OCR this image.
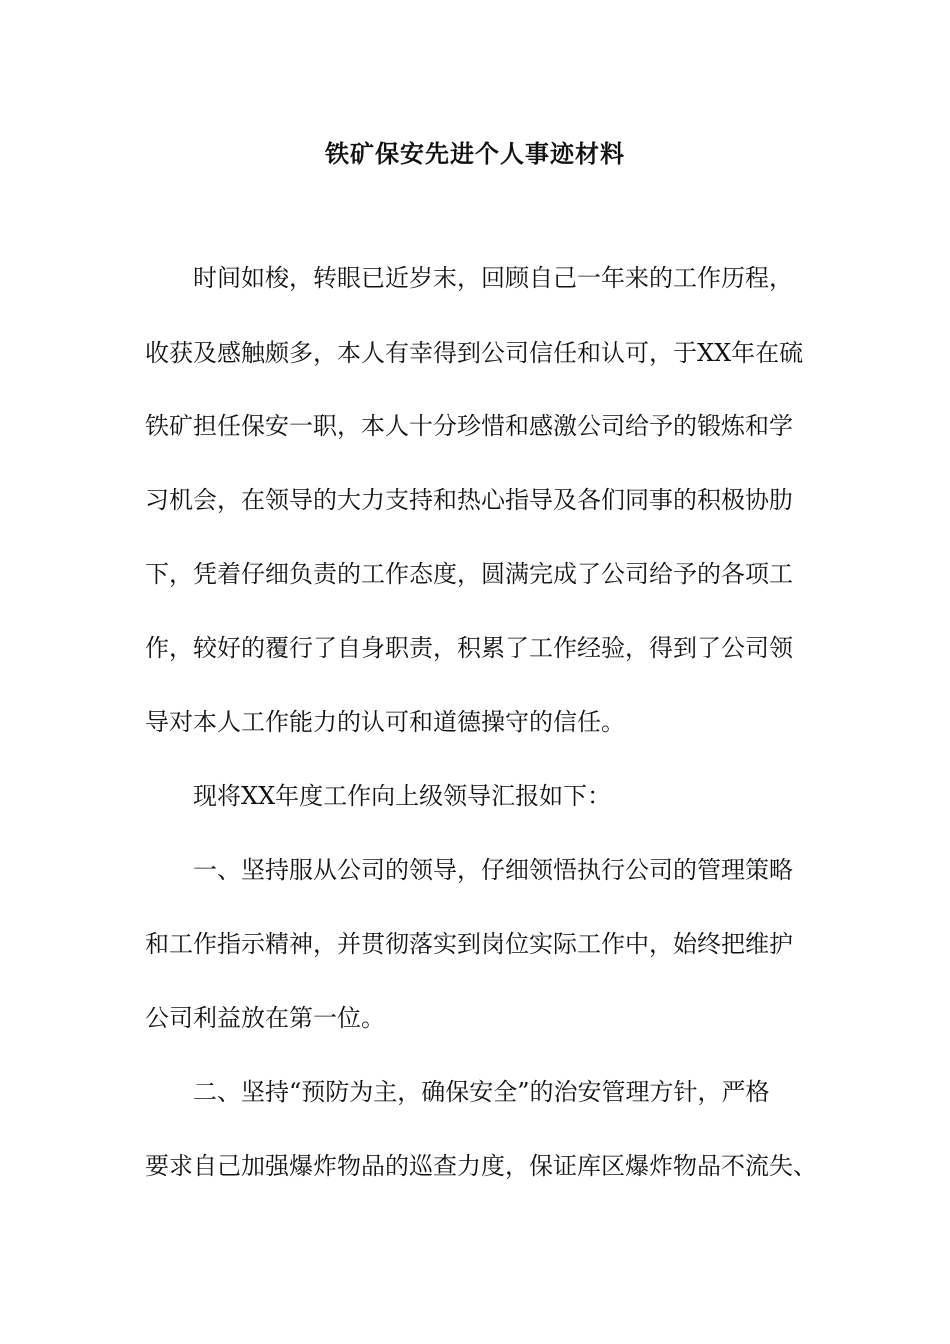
铁矿保安先进个人事迹材料

时间如梭，转眼已近岁末，回顾自己一年来的工作历程，

收获及感触颇多，本人有幸得到公司信任和认可，于XX年在硫

铁矿担任保安一职，本人十分珍惜和感激公司给予的锻炼和学

习机会，在领导的大力支持和热心指导及各们同事的积极协肋

下，凭着仔细负责的工作态度，圆满完成了公司给予的各项工

作，较好的覆行了自身职责，积累了工作经验，得到了公司领

导对本人工作能力的认可和道德操守的信任。

现将XX年度工作向上级领导汇报如下：

一、坚持服从公司的领导，仔细领悟执行公司的管理策略

和工作指示精神，并贯彻落实到岗位实际工作中，始终把维护

公司利益放在第一位。

二、坚持“预防为主，确保安全”的治安管理方针，严格

要求自己加强爆炸物品的巡查力度，保证库区爆炸物品不流失、
